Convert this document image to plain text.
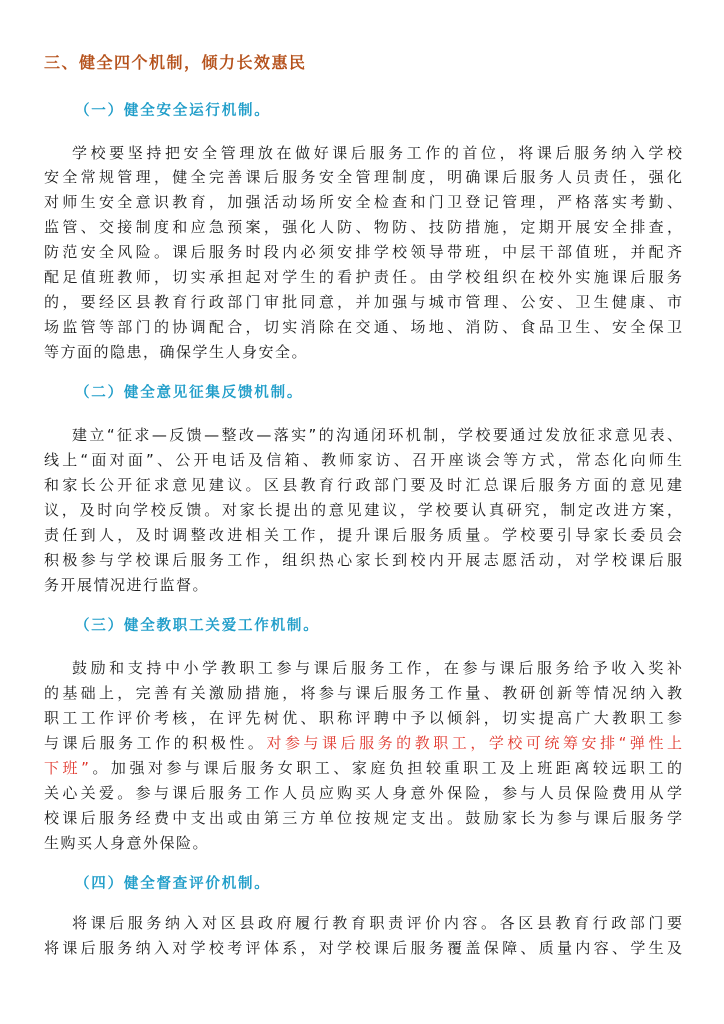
三、健全四个机制，倾力长效惠民
（一）健全安全运行机制。
学校要坚持把安全管理放在做好课后服务工作的首位，将课后服务纳入学校
安全常规管理，健全完善课后服务安全管理制度，明确课后服务人员责任，强化
对师生安全意识教育，加强活动场所安全检查和门卫登记管理，严格落实考勤、
监管、交接制度和应急预案，强化人防、物防、技防措施，定期开展安全排查，
防范安全风险。课后服务时段内必须安排学校领导带班，中层干部值班，并配齐
配足值班教师，切实承担起对学生的看护责任。由学校组织在校外实施课后服务
的，要经区县教育行政部门审批同意，并加强与城市管理、公安、卫生健康、市
场监管等部门的协调配合，切实消除在交通、场地、消防、食品卫生、安全保卫
等方面的隐患，确保学生人身安全。
（二）健全意见征集反馈机制。
建立“征求—反馈—整改—落实”的沟通闭环机制，学校要通过发放征求意见表、
线上“面对面”、公开电话及信箱、教师家访、召开座谈会等方式，常态化向师生
和家长公开征求意见建议。区县教育行政部门要及时汇总课后服务方面的意见建
议，及时向学校反馈。对家长提出的意见建议，学校要认真研究，制定改进方案，
责任到人，及时调整改进相关工作，提升课后服务质量。学校要引导家长委员会
积极参与学校课后服务工作，组织热心家长到校内开展志愿活动，对学校课后服
务开展情况进行监督。
（三）健全教职工关爱工作机制。
鼓励和支持中小学教职工参与课后服务工作，在参与课后服务给予收入奖补
的基础上，完善有关激励措施，将参与课后服务工作量、教研创新等情况纳入教
职工工作评价考核，在评先树优、职称评聘中予以倾斜，切实提高广大教职工参
与课后服务工作的积极性。对参与课后服务的教职工，学校可统筹安排“弹性上
下班”。加强对参与课后服务女职工、家庭负担较重职工及上班距离较远职工的
关心关爱。参与课后服务工作人员应购买人身意外保险，参与人员保险费用从学
校课后服务经费中支出或由第三方单位按规定支出。鼓励家长为参与课后服务学
生购买人身意外保险。
（四）健全督查评价机制。
将课后服务纳入对区县政府履行教育职责评价内容。各区县教育行政部门要
将课后服务纳入对学校考评体系，对学校课后服务覆盖保障、质量内容、学生及
